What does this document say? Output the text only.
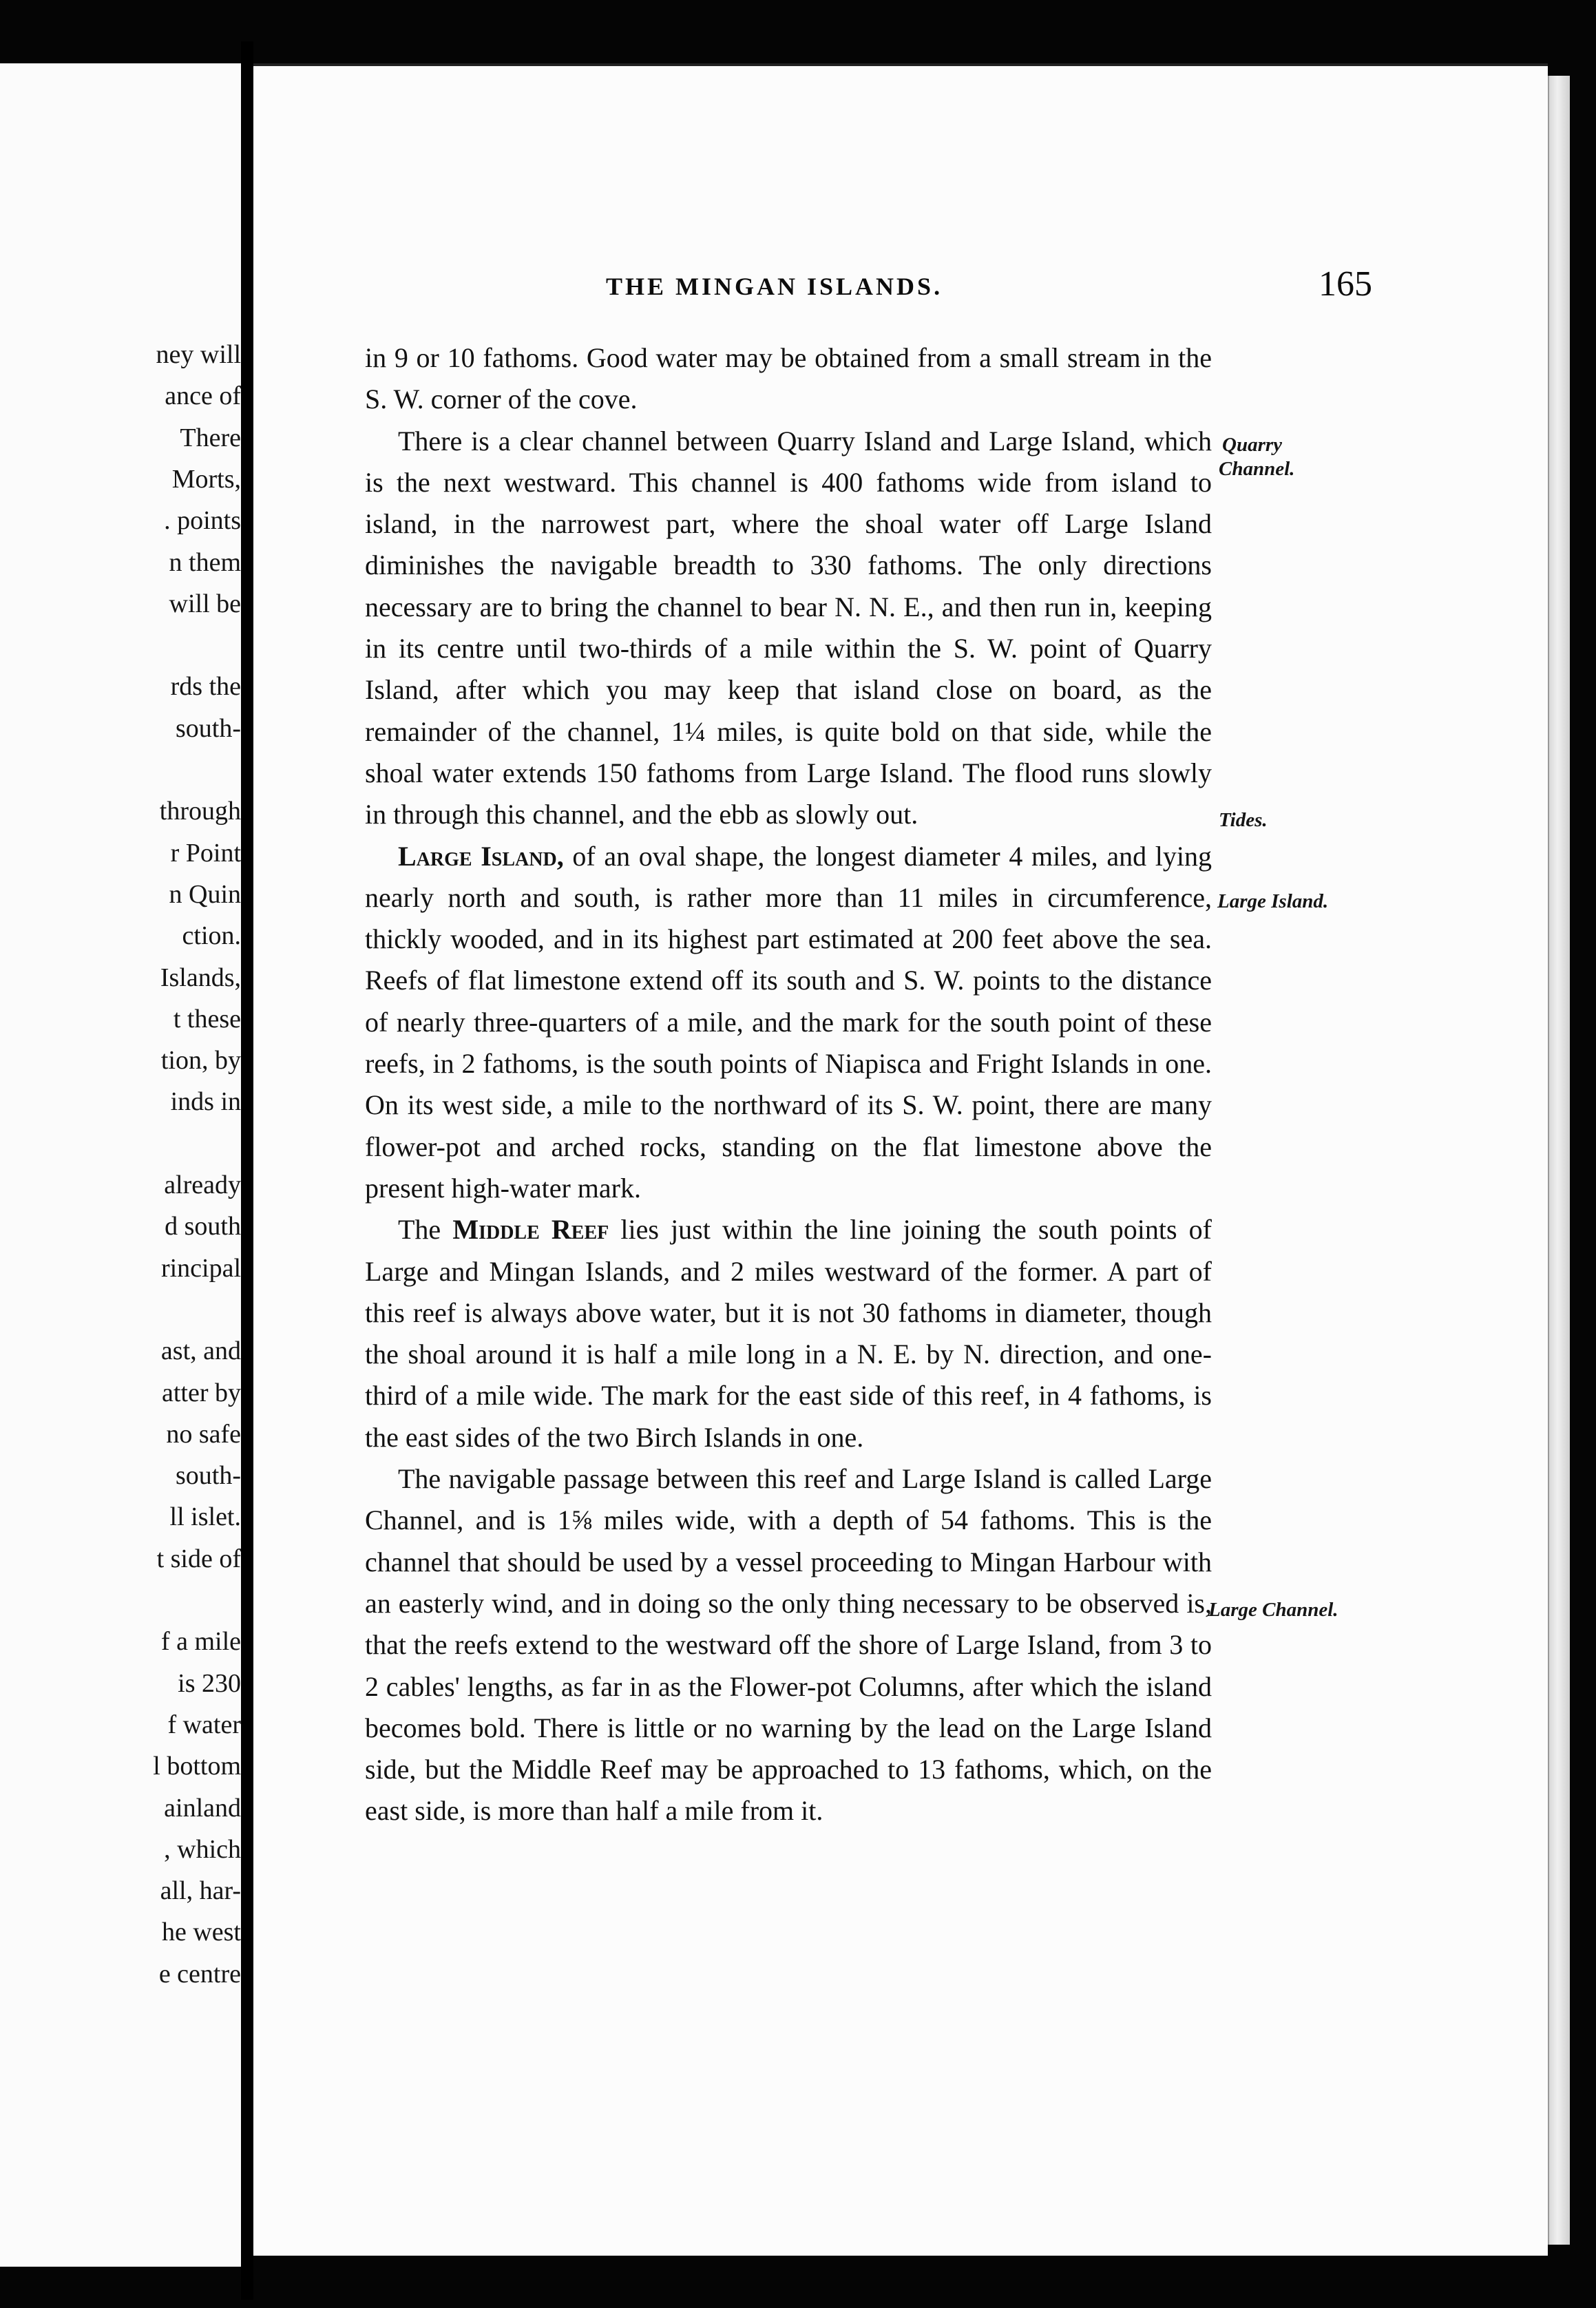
ney will
ance of
There
Morts,
. points
n them
will be
rds the
south-
through
r Point
n Quin
ction.
Islands,
t these
tion, by
inds in
already
d south
rincipal
ast, and
atter by
no safe
south-
ll islet.
t side of
f a mile
is 230
f water
l bottom
ainland
, which
all, har-
he west
e centre
THE MINGAN ISLANDS.	165

in 9 or 10 fathoms. Good water may be obtained from a small stream in the S. W. corner of the cove.

There is a clear channel between Quarry Island and Large Island, which is the next westward. This channel is 400 fathoms wide from island to island, in the narrowest part, where the shoal water off Large Island diminishes the navigable breadth to 330 fathoms. The only directions necessary are to bring the channel to bear N. N. E., and then run in, keeping in its centre until two-thirds of a mile within the S. W. point of Quarry Island, after which you may keep that island close on board, as the remainder of the channel, 1¼ miles, is quite bold on that side, while the shoal water extends 150 fathoms from Large Island. The flood runs slowly in through this channel, and the ebb as slowly out.

Large Island, of an oval shape, the longest diameter 4 miles, and lying nearly north and south, is rather more than 11 miles in circumference, thickly wooded, and in its highest part estimated at 200 feet above the sea. Reefs of flat limestone extend off its south and S. W. points to the distance of nearly three-quarters of a mile, and the mark for the south point of these reefs, in 2 fathoms, is the south points of Niapisca and Fright Islands in one. On its west side, a mile to the northward of its S. W. point, there are many flower-pot and arched rocks, standing on the flat limestone above the present high-water mark.

The Middle Reef lies just within the line joining the south points of Large and Mingan Islands, and 2 miles westward of the former. A part of this reef is always above water, but it is not 30 fathoms in diameter, though the shoal around it is half a mile long in a N. E. by N. direction, and one-third of a mile wide. The mark for the east side of this reef, in 4 fathoms, is the east sides of the two Birch Islands in one.

The navigable passage between this reef and Large Island is called Large Channel, and is 1⅝ miles wide, with a depth of 54 fathoms. This is the channel that should be used by a vessel proceeding to Mingan Harbour with an easterly wind, and in doing so the only thing necessary to be observed is, that the reefs extend to the westward off the shore of Large Island, from 3 to 2 cables' lengths, as far in as the Flower-pot Columns, after which the island becomes bold. There is little or no warning by the lead on the Large Island side, but the Middle Reef may be approached to 13 fathoms, which, on the east side, is more than half a mile from it.

Quarry
Channel.
Tides.
Large Island.
Large Channel.
